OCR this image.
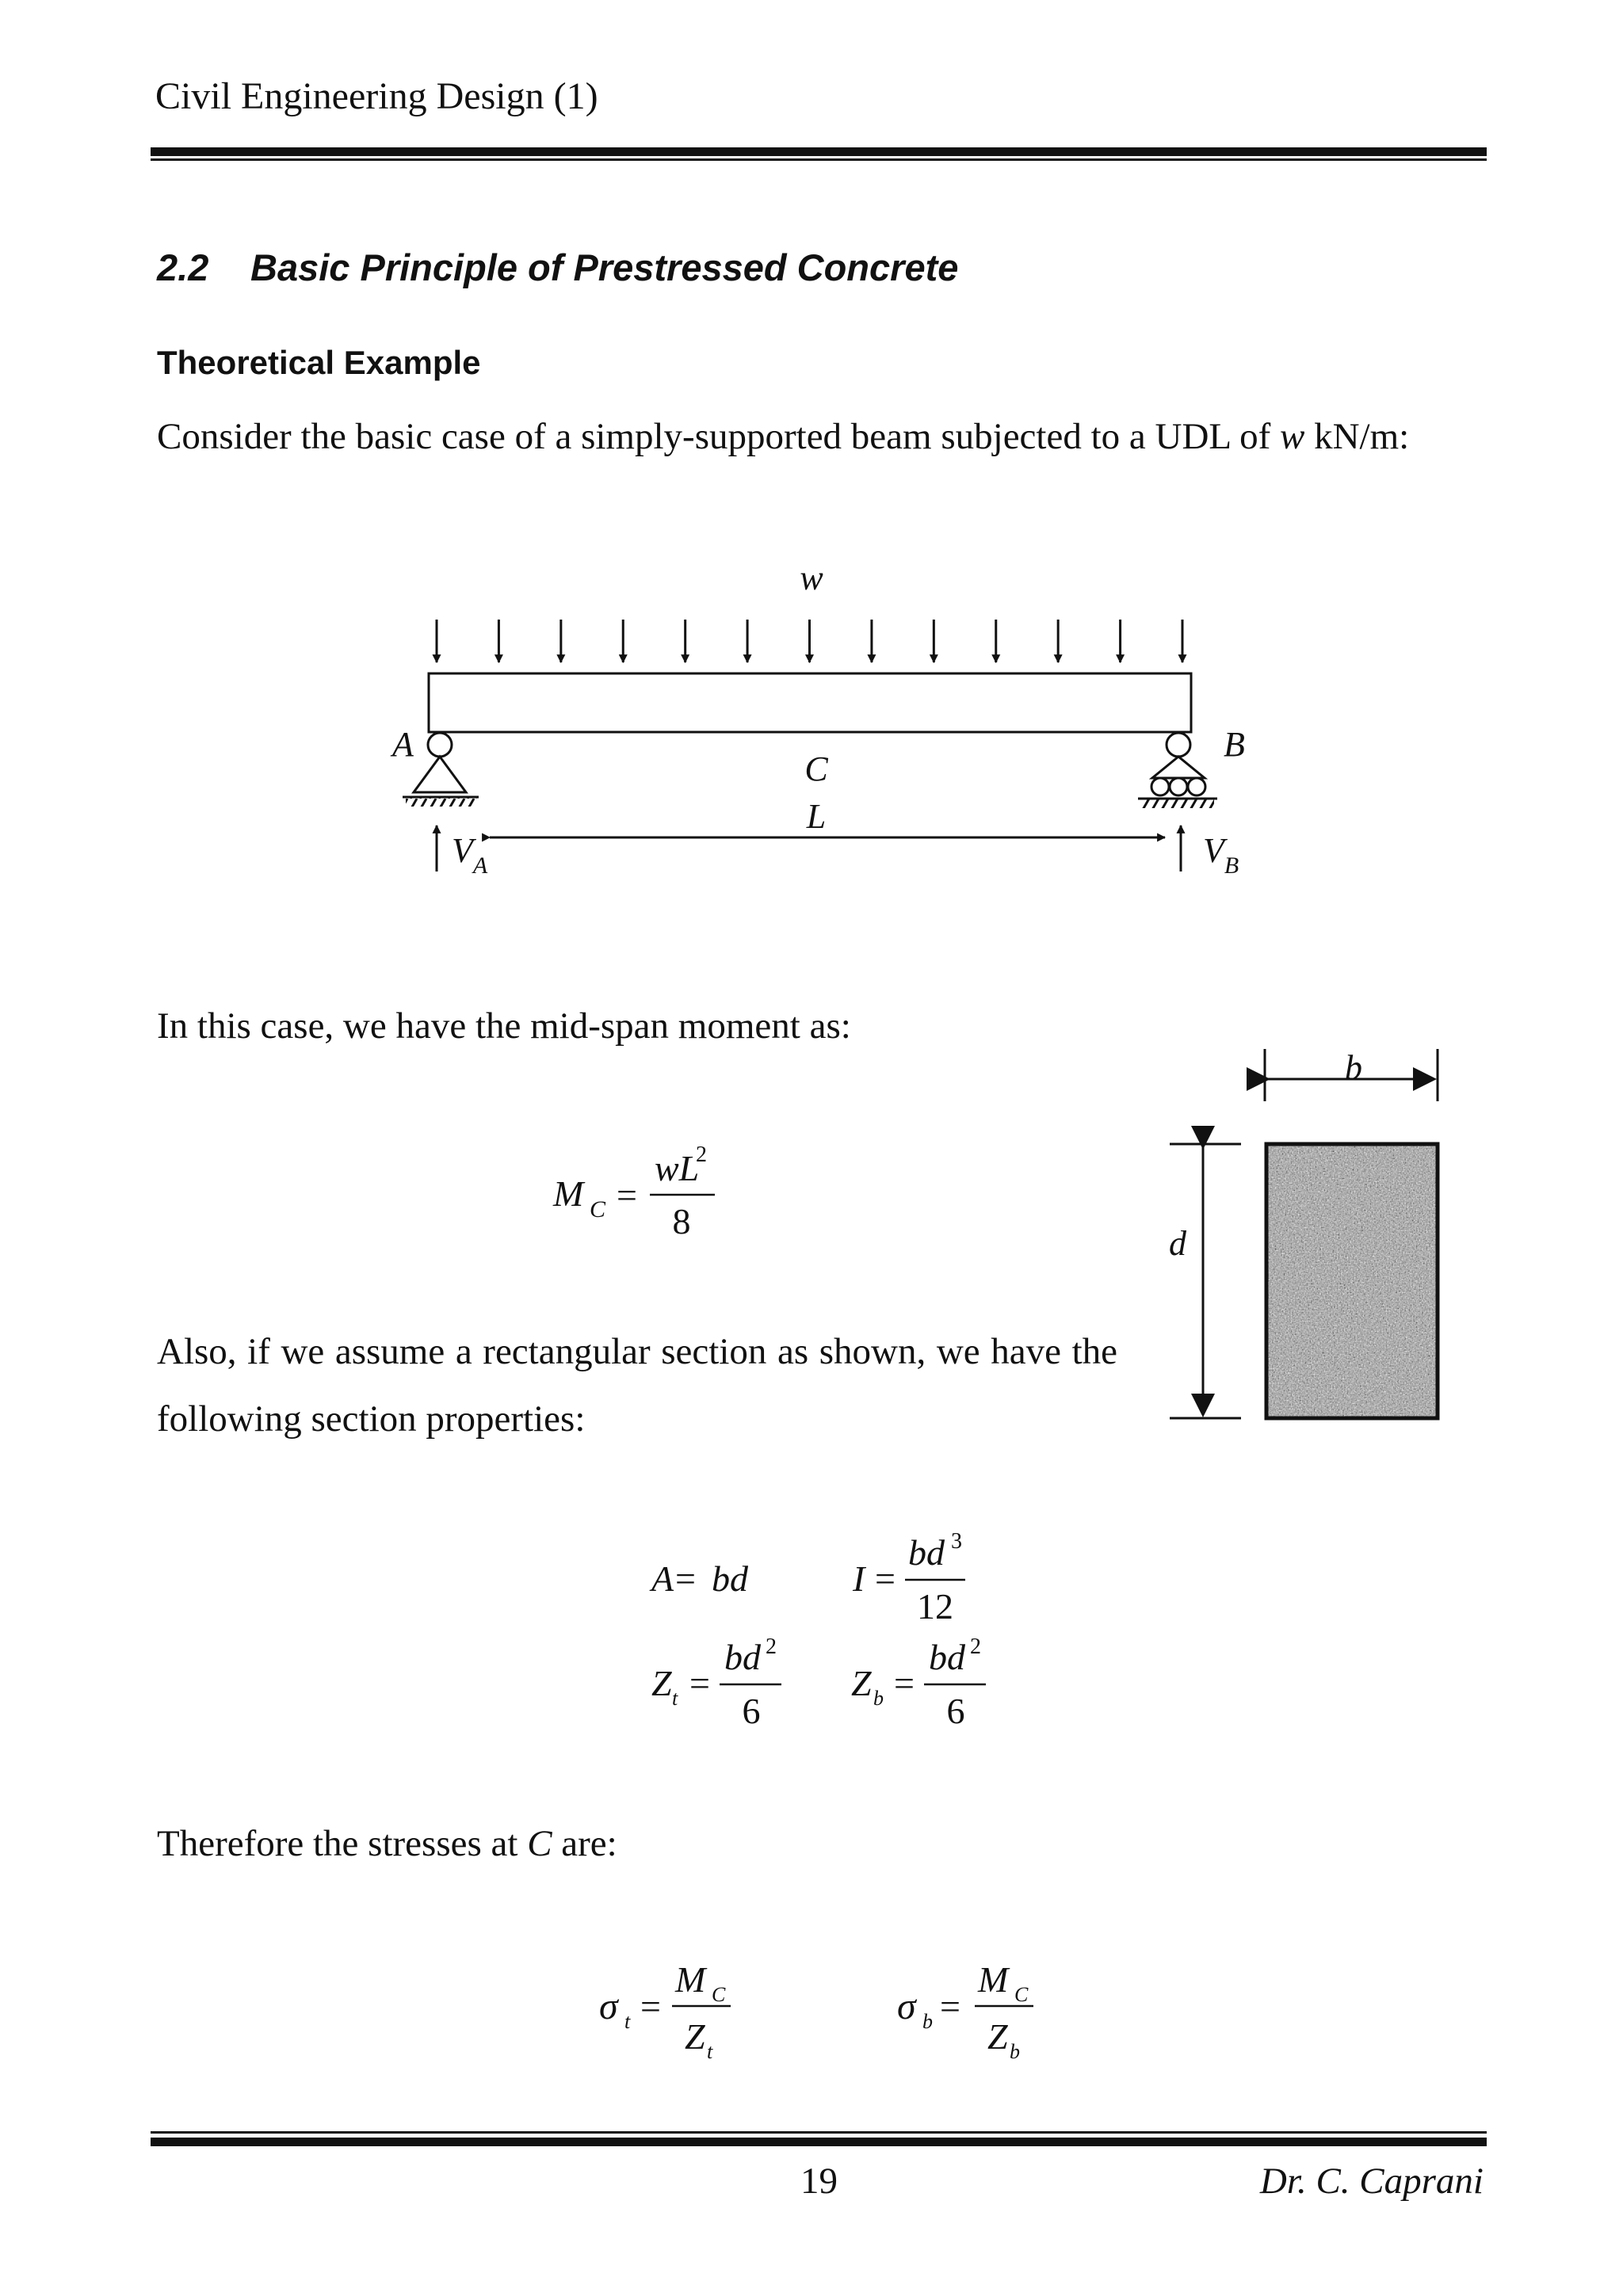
Civil Engineering Design (1)
2.2 Basic Principle of Prestressed Concrete
Theoretical Example
Consider the basic case of a simply-supported beam subjected to a UDL of w kN/m:
w
A	B
C
L
$V_A$	$V_B$
b
d
M C =
wL
2
8
A = bd	I =
bd 3
12
Z t =
bd 2
6
Z b =
bd 2
6
σ t =
M C
Z t
σ b =
M C
Z b
In this case, we have the mid-span moment as:
Also, if we assume a rectangular section as shown, we have the following section properties:
Therefore the stresses at C are:
19	Dr. C. Caprani
